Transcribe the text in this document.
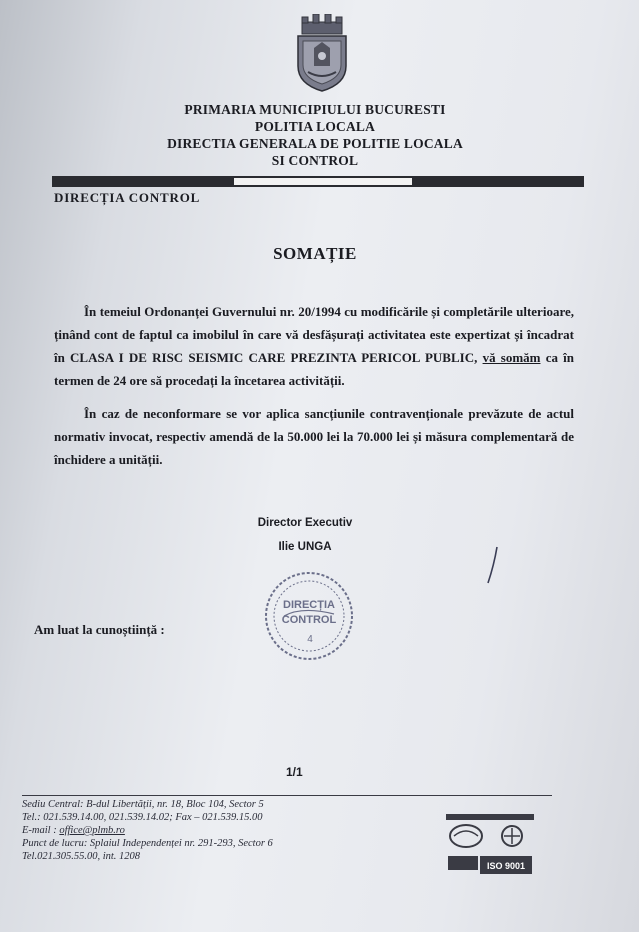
PRIMARIA MUNICIPIULUI BUCURESTI
POLITIA LOCALA
DIRECTIA GENERALA DE POLITIE LOCALA
SI CONTROL
DIRECȚIA CONTROL
SOMAȚIE

În temeiul Ordonanței Guvernului nr. 20/1994 cu modificările și completările ulterioare, ținând cont de faptul ca imobilul în care vă desfășurați activitatea este expertizat și încadrat în CLASA I DE RISC SEISMIC CARE PREZINTA PERICOL PUBLIC, vă somăm ca în termen de 24 ore să procedați la încetarea activității.

În caz de neconformare se vor aplica sancțiunile contravenționale prevăzute de actul normativ invocat, respectiv amendă de la 50.000 lei la 70.000 lei și măsura complementară de închidere a unității.

Director Executiv
Ilie UNGA
DIRECȚIA
CONTROL
4
Am luat la cunoștiință :
1/1
Sediu Central: B-dul Libertății, nr. 18, Bloc 104, Sector 5
Tel.: 021.539.14.00, 021.539.14.02; Fax – 021.539.15.00
E-mail : office@plmb.ro
Punct de lucru: Splaiul Independenței nr. 291-293, Sector 6
Tel.021.305.55.00, int. 1208
ISO 9001
